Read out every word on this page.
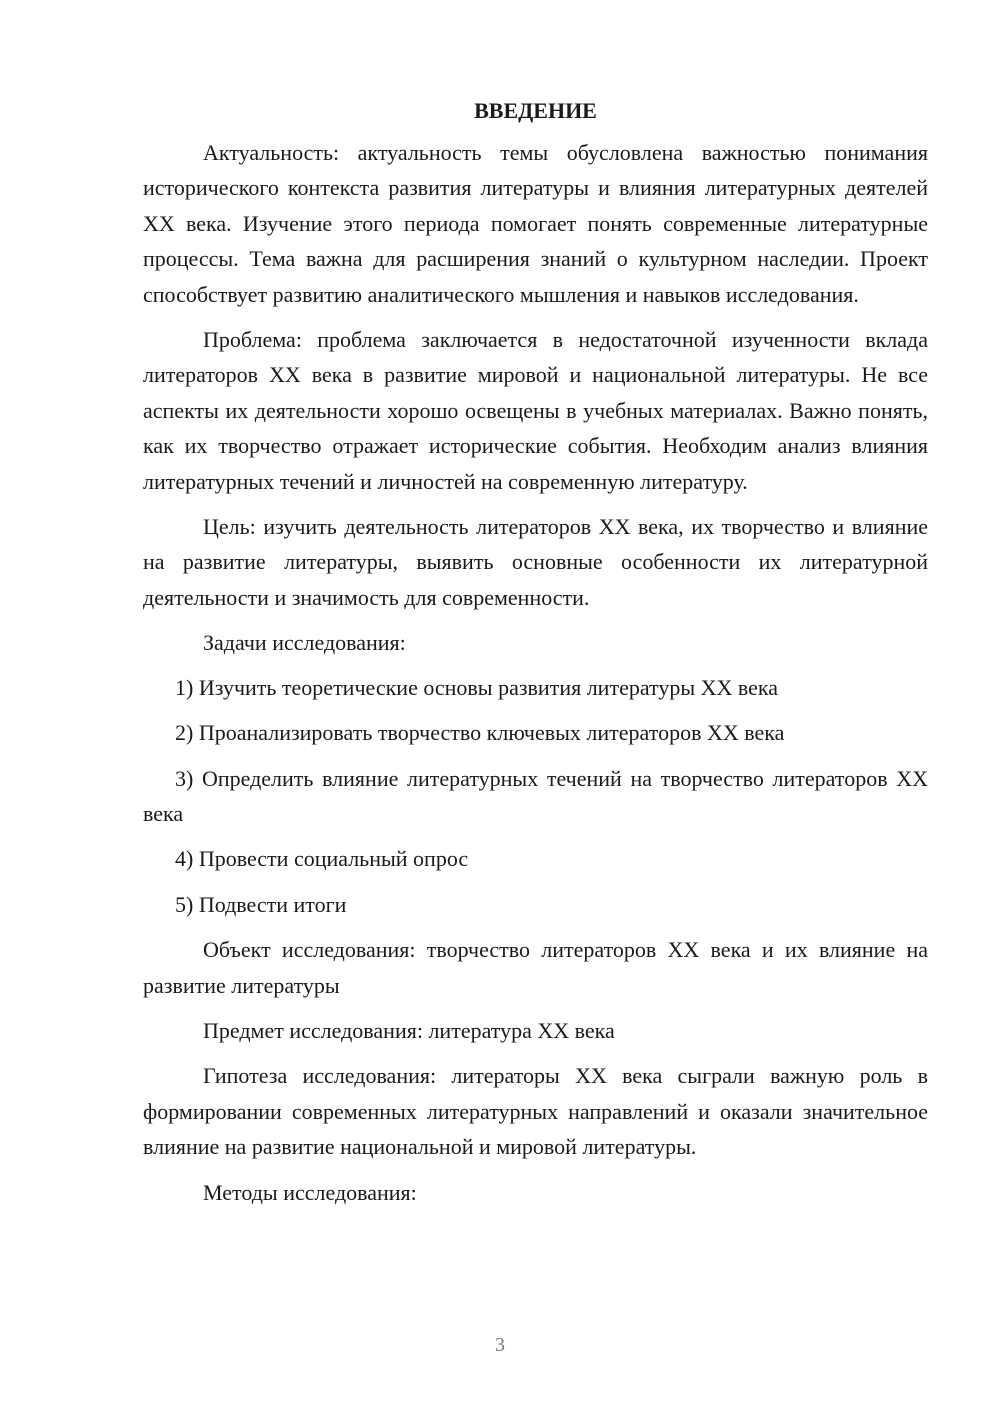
ВВЕДЕНИЕ

Актуальность: актуальность темы обусловлена важностью понимания исторического контекста развития литературы и влияния литературных деятелей XX века. Изучение этого периода помогает понять современные литературные процессы. Тема важна для расширения знаний о культурном наследии. Проект способствует развитию аналитического мышления и навыков исследования.

Проблема: проблема заключается в недостаточной изученности вклада литераторов XX века в развитие мировой и национальной литературы. Не все аспекты их деятельности хорошо освещены в учебных материалах. Важно понять, как их творчество отражает исторические события. Необходим анализ влияния литературных течений и личностей на современную литературу.

Цель: изучить деятельность литераторов XX века, их творчество и влияние на развитие литературы, выявить основные особенности их литературной деятельности и значимость для современности.

Задачи исследования:

1) Изучить теоретические основы развития литературы XX века

2) Проанализировать творчество ключевых литераторов XX века

3) Определить влияние литературных течений на творчество литераторов XX века

4) Провести социальный опрос

5) Подвести итоги

Объект исследования: творчество литераторов XX века и их влияние на развитие литературы

Предмет исследования: литература XX века

Гипотеза исследования: литераторы XX века сыграли важную роль в формировании современных литературных направлений и оказали значительное влияние на развитие национальной и мировой литературы.

Методы исследования:

3
